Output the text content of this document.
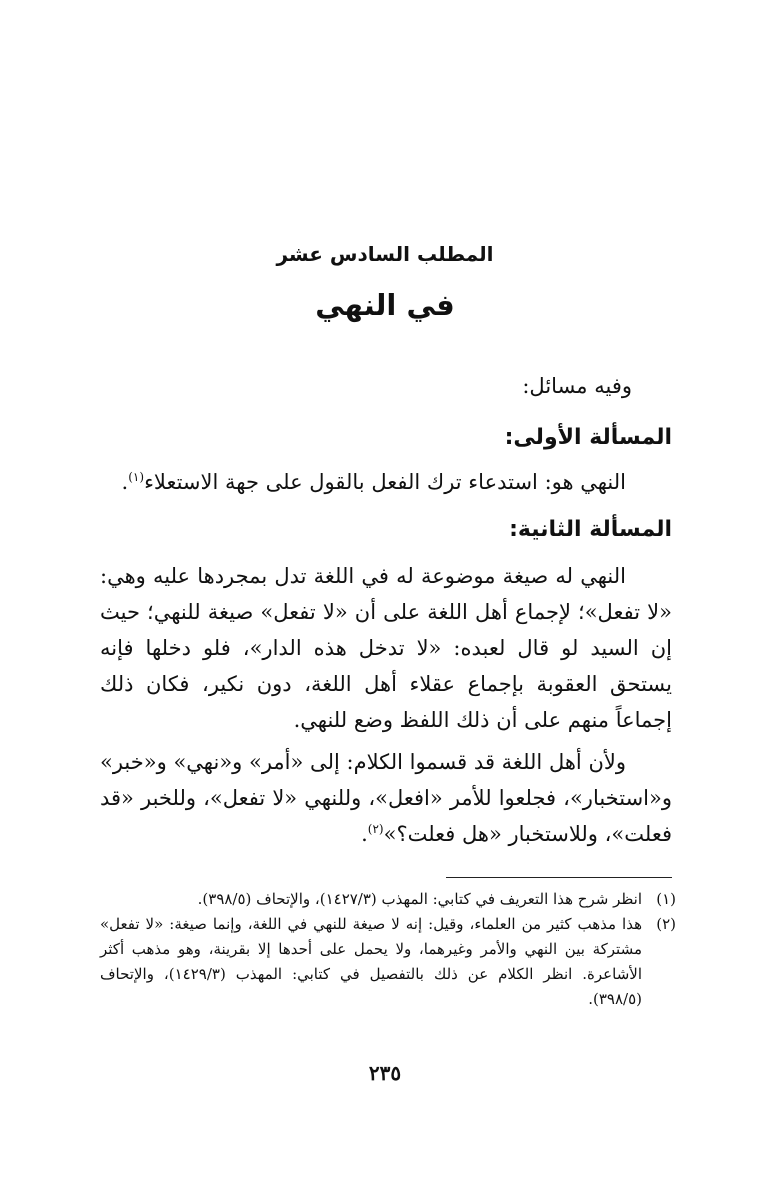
المطلب السادس عشر
في النهي
وفيه مسائل:
المسألة الأولى:

النهي هو: استدعاء ترك الفعل بالقول على جهة الاستعلاء$^{(١)}$.

المسألة الثانية:

النهي له صيغة موضوعة له في اللغة تدل بمجردها عليه وهي: «لا تفعل»؛ لإجماع أهل اللغة على أن «لا تفعل» صيغة للنهي؛ حيث إن السيد لو قال لعبده: «لا تدخل هذه الدار»، فلو دخلها فإنه يستحق العقوبة بإجماع عقلاء أهل اللغة، دون نكير، فكان ذلك إجماعاً منهم على أن ذلك اللفظ وضع للنهي.

ولأن أهل اللغة قد قسموا الكلام: إلى «أمر» و«نهي» و«خبر» و«استخبار»، فجلعوا للأمر «افعل»، وللنهي «لا تفعل»، وللخبر «قد فعلت»، وللاستخبار «هل فعلت؟»$^{(٢)}$.

(١)
انظر شرح هذا التعريف في كتابي: المهذب (١٤٢٧/٣)، والإتحاف (٣٩٨/٥).
(٢)
هذا مذهب كثير من العلماء، وقيل: إنه لا صيغة للنهي في اللغة، وإنما صيغة: «لا تفعل» مشتركة بين النهي والأمر وغيرهما، ولا يحمل على أحدها إلا بقرينة، وهو مذهب أكثر الأشاعرة. انظر الكلام عن ذلك بالتفصيل في كتابي: المهذب (١٤٢٩/٣)، والإتحاف (٣٩٨/٥).
٢٣٥
